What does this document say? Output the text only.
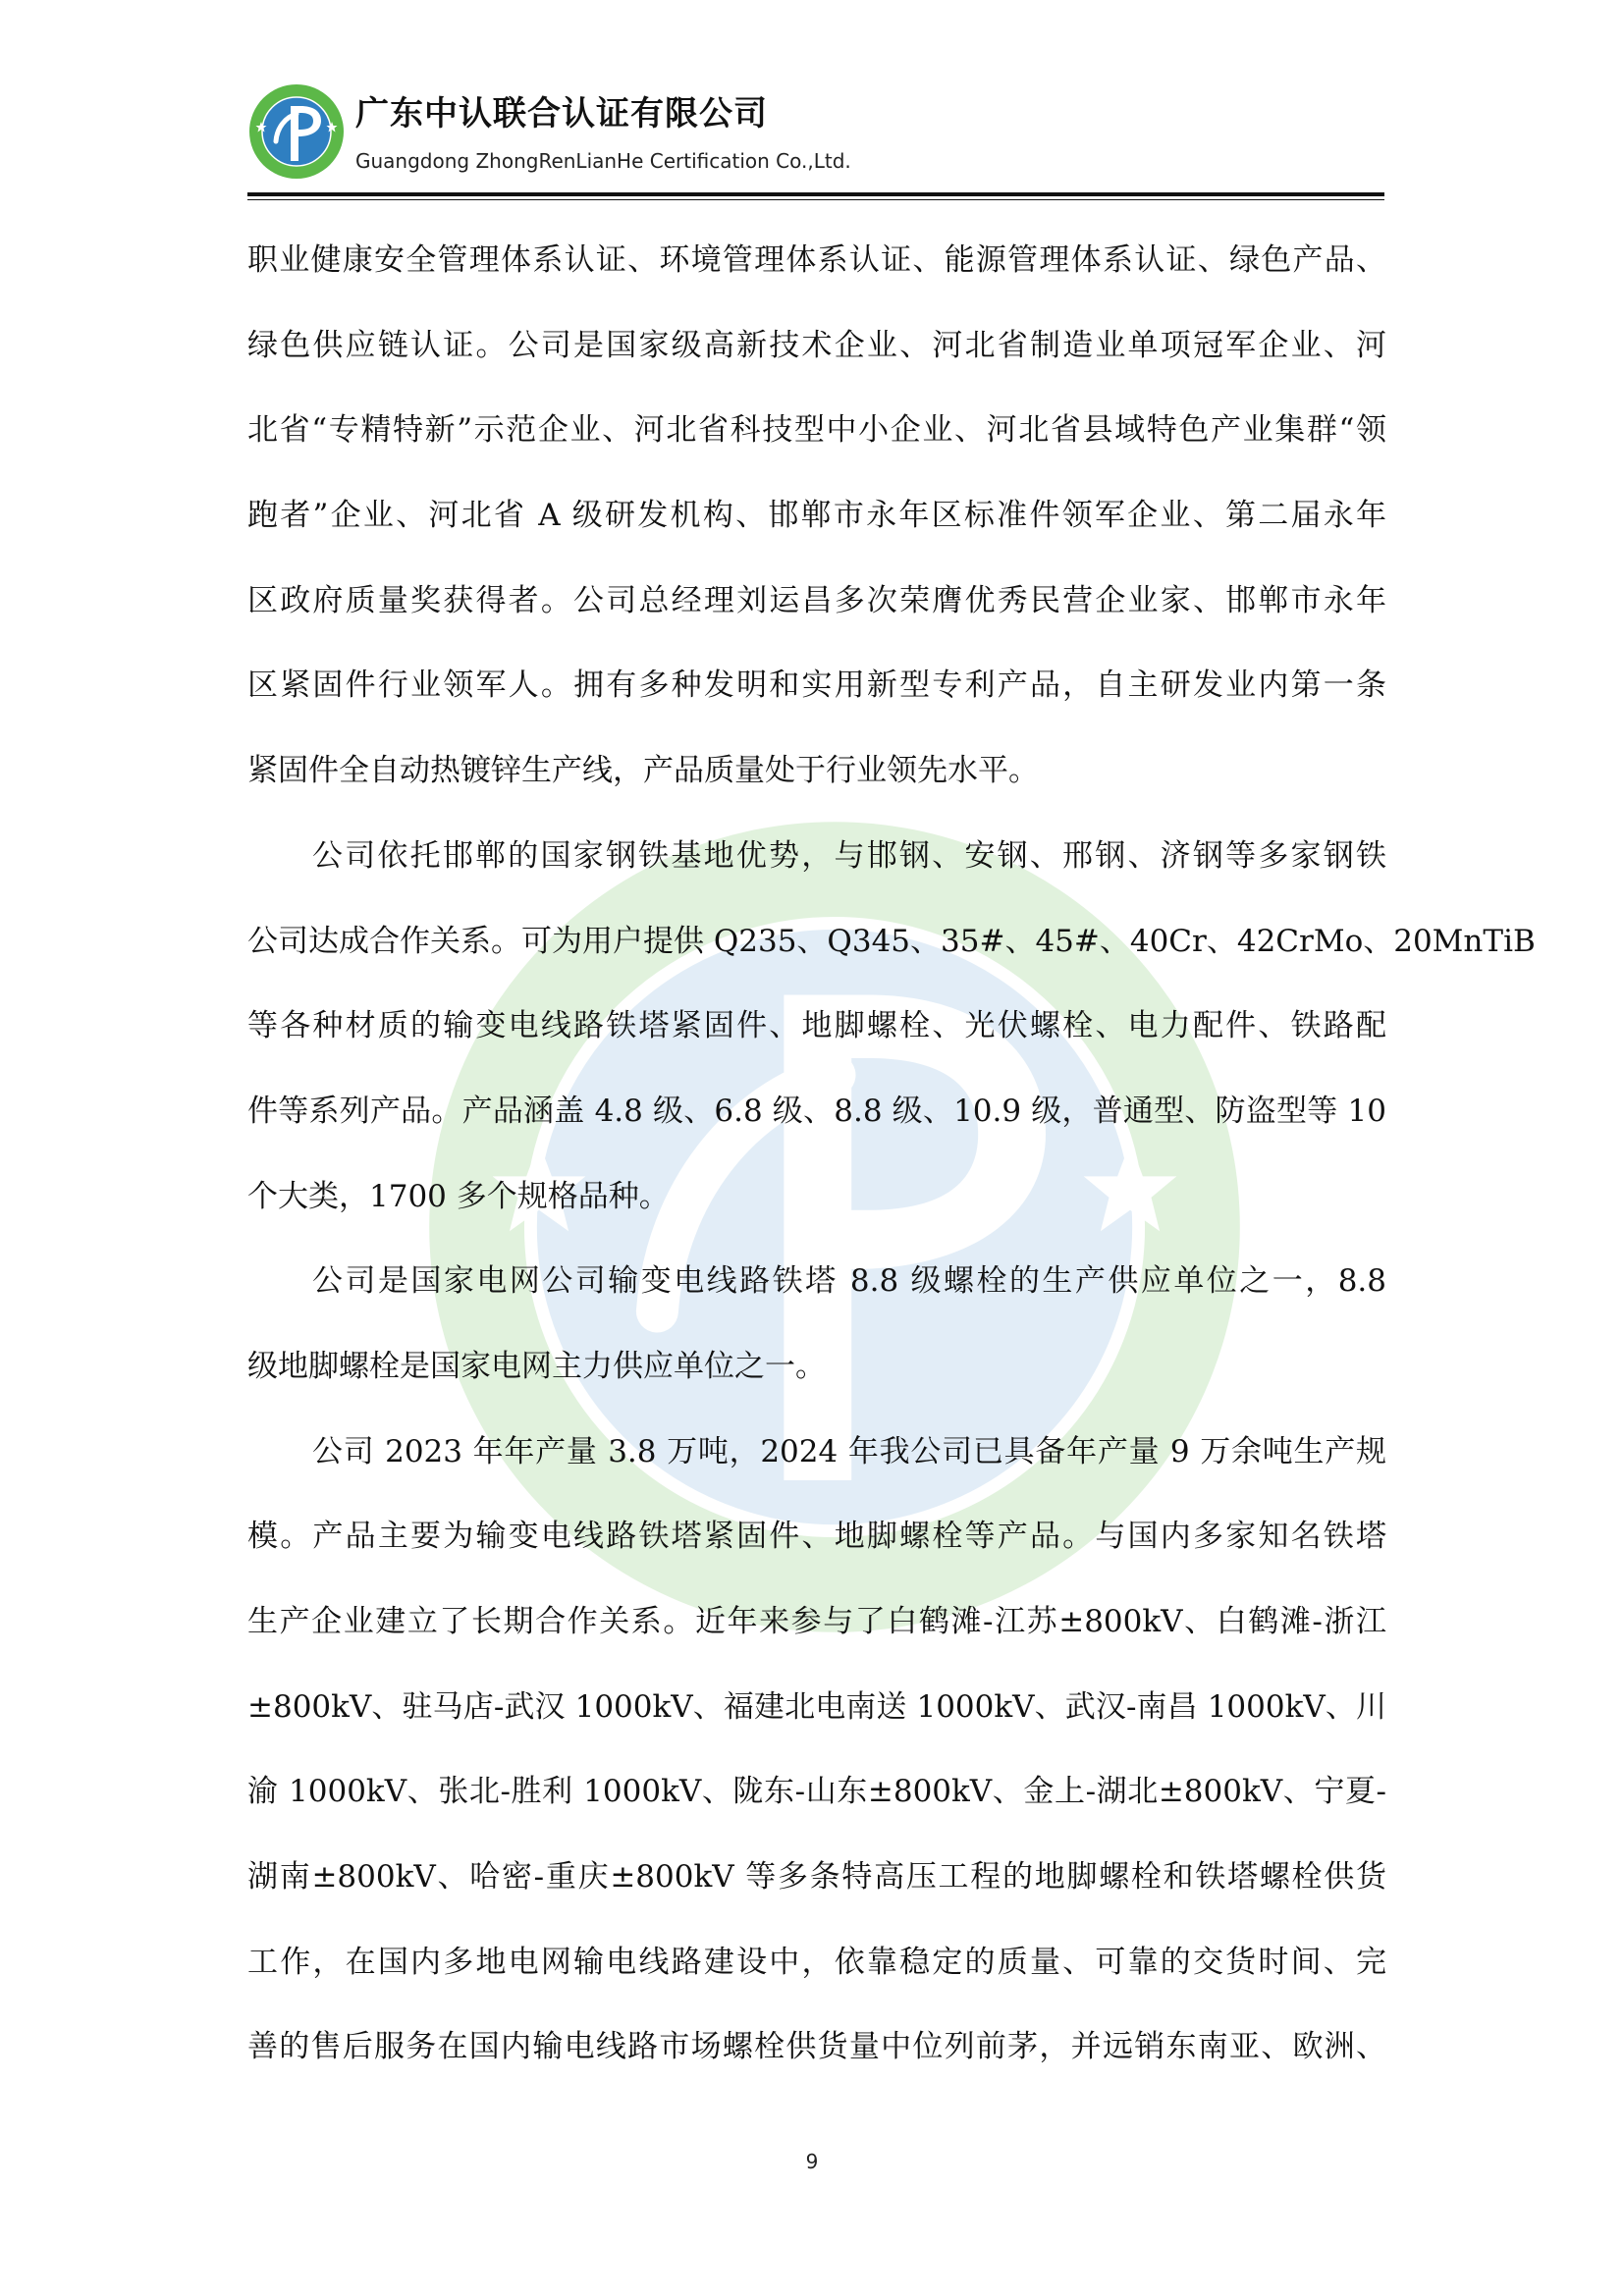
广东中认联合认证有限公司
Guangdong ZhongRenLianHe Certification Co.,Ltd.
职业健康安全管理体系认证、环境管理体系认证、能源管理体系认证、绿色产品、
绿色供应链认证。公司是国家级高新技术企业、河北省制造业单项冠军企业、河
北省“专精特新”示范企业、河北省科技型中小企业、河北省县域特色产业集群“领
跑者”企业、河北省 A 级研发机构、邯郸市永年区标准件领军企业、第二届永年
区政府质量奖获得者。公司总经理刘运昌多次荣膺优秀民营企业家、邯郸市永年
区紧固件行业领军人。拥有多种发明和实用新型专利产品，自主研发业内第一条
紧固件全自动热镀锌生产线，产品质量处于行业领先水平。
公司依托邯郸的国家钢铁基地优势，与邯钢、安钢、邢钢、济钢等多家钢铁
公司达成合作关系。可为用户提供 Q235、Q345、35#、45#、40Cr、42CrMo、20MnTiB
等各种材质的输变电线路铁塔紧固件、地脚螺栓、光伏螺栓、电力配件、铁路配
件等系列产品。产品涵盖 4.8 级、6.8 级、8.8 级、10.9 级，普通型、防盗型等 10
个大类，1700 多个规格品种。
公司是国家电网公司输变电线路铁塔 8.8 级螺栓的生产供应单位之一，8.8
级地脚螺栓是国家电网主力供应单位之一。
公司 2023 年年产量 3.8 万吨，2024 年我公司已具备年产量 9 万余吨生产规
模。产品主要为输变电线路铁塔紧固件、地脚螺栓等产品。与国内多家知名铁塔
生产企业建立了长期合作关系。近年来参与了白鹤滩-江苏±800kV、白鹤滩-浙江
±800kV、驻马店-武汉 1000kV、福建北电南送 1000kV、武汉-南昌 1000kV、川
渝 1000kV、张北-胜利 1000kV、陇东-山东±800kV、金上-湖北±800kV、宁夏-
湖南±800kV、哈密-重庆±800kV 等多条特高压工程的地脚螺栓和铁塔螺栓供货
工作，在国内多地电网输电线路建设中，依靠稳定的质量、可靠的交货时间、完
善的售后服务在国内输电线路市场螺栓供货量中位列前茅，并远销东南亚、欧洲、
9
